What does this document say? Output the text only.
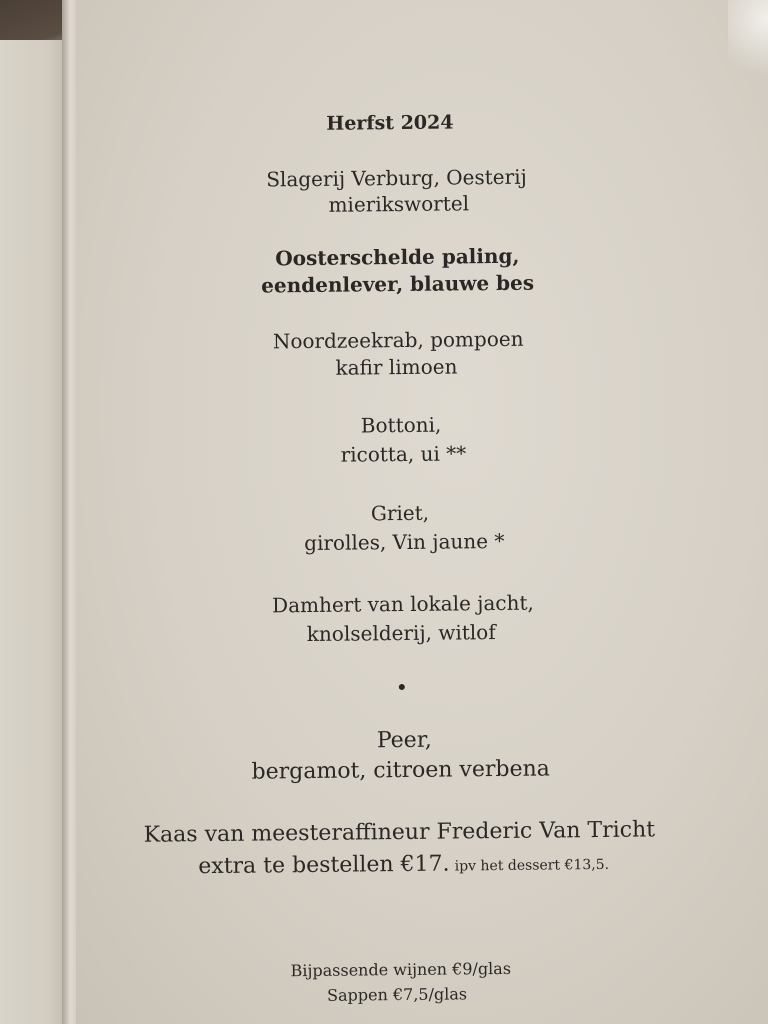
Herfst 2024
Slagerij Verburg, Oesterij
mierikswortel
Oosterschelde paling,
eendenlever, blauwe bes
Noordzeekrab, pompoen
kafir limoen
Bottoni,
ricotta, ui **
Griet,
girolles, Vin jaune *
Damhert van lokale jacht,
knolselderij, witlof
Peer,
bergamot, citroen verbena
Kaas van meesteraffineur Frederic Van Tricht
extra te bestellen €17. ipv het dessert €13,5.
Bijpassende wijnen €9/glas
Sappen €7,5/glas
